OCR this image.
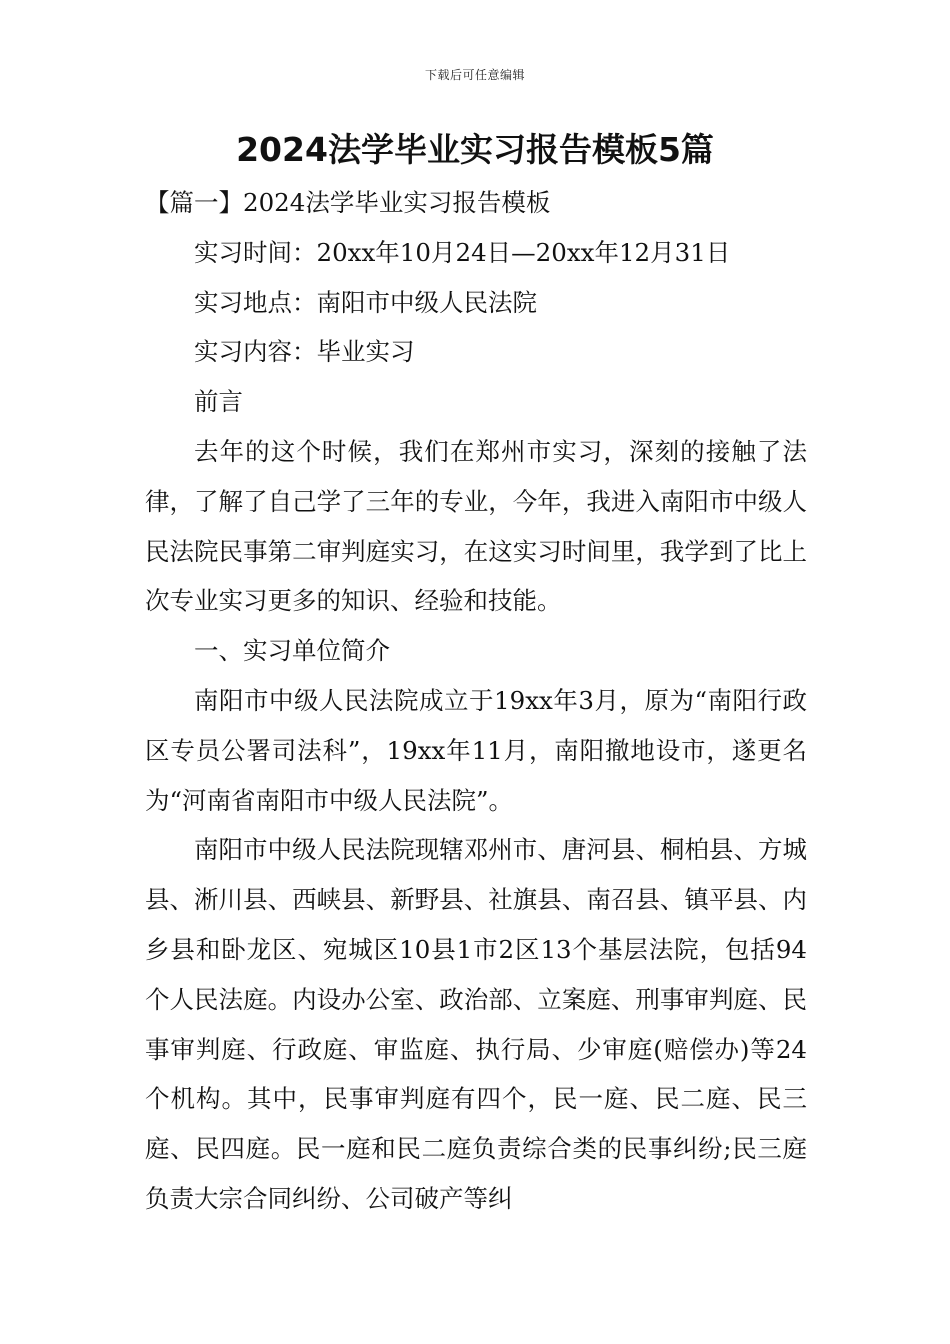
下载后可任意编辑
2024法学毕业实习报告模板5篇

【篇一】2024法学毕业实习报告模板

实习时间：20xx年10月24日—20xx年12月31日

实习地点：南阳市中级人民法院

实习内容：毕业实习

前言

去年的这个时候，我们在郑州市实习，深刻的接触了法律，了解了自己学了三年的专业，今年，我进入南阳市中级人民法院民事第二审判庭实习，在这实习时间里，我学到了比上次专业实习更多的知识、经验和技能。

一、实习单位简介

南阳市中级人民法院成立于19xx年3月，原为“南阳行政区专员公署司法科”，19xx年11月，南阳撤地设市，遂更名为“河南省南阳市中级人民法院”。

南阳市中级人民法院现辖邓州市、唐河县、桐柏县、方城县、淅川县、西峡县、新野县、社旗县、南召县、镇平县、内乡县和卧龙区、宛城区10县1市2区13个基层法院，包括94个人民法庭。内设办公室、政治部、立案庭、刑事审判庭、民事审判庭、行政庭、审监庭、执行局、少审庭(赔偿办)等24个机构。其中，民事审判庭有四个，民一庭、民二庭、民三庭、民四庭。民一庭和民二庭负责综合类的民事纠纷;民三庭负责大宗合同纠纷、公司破产等纠
